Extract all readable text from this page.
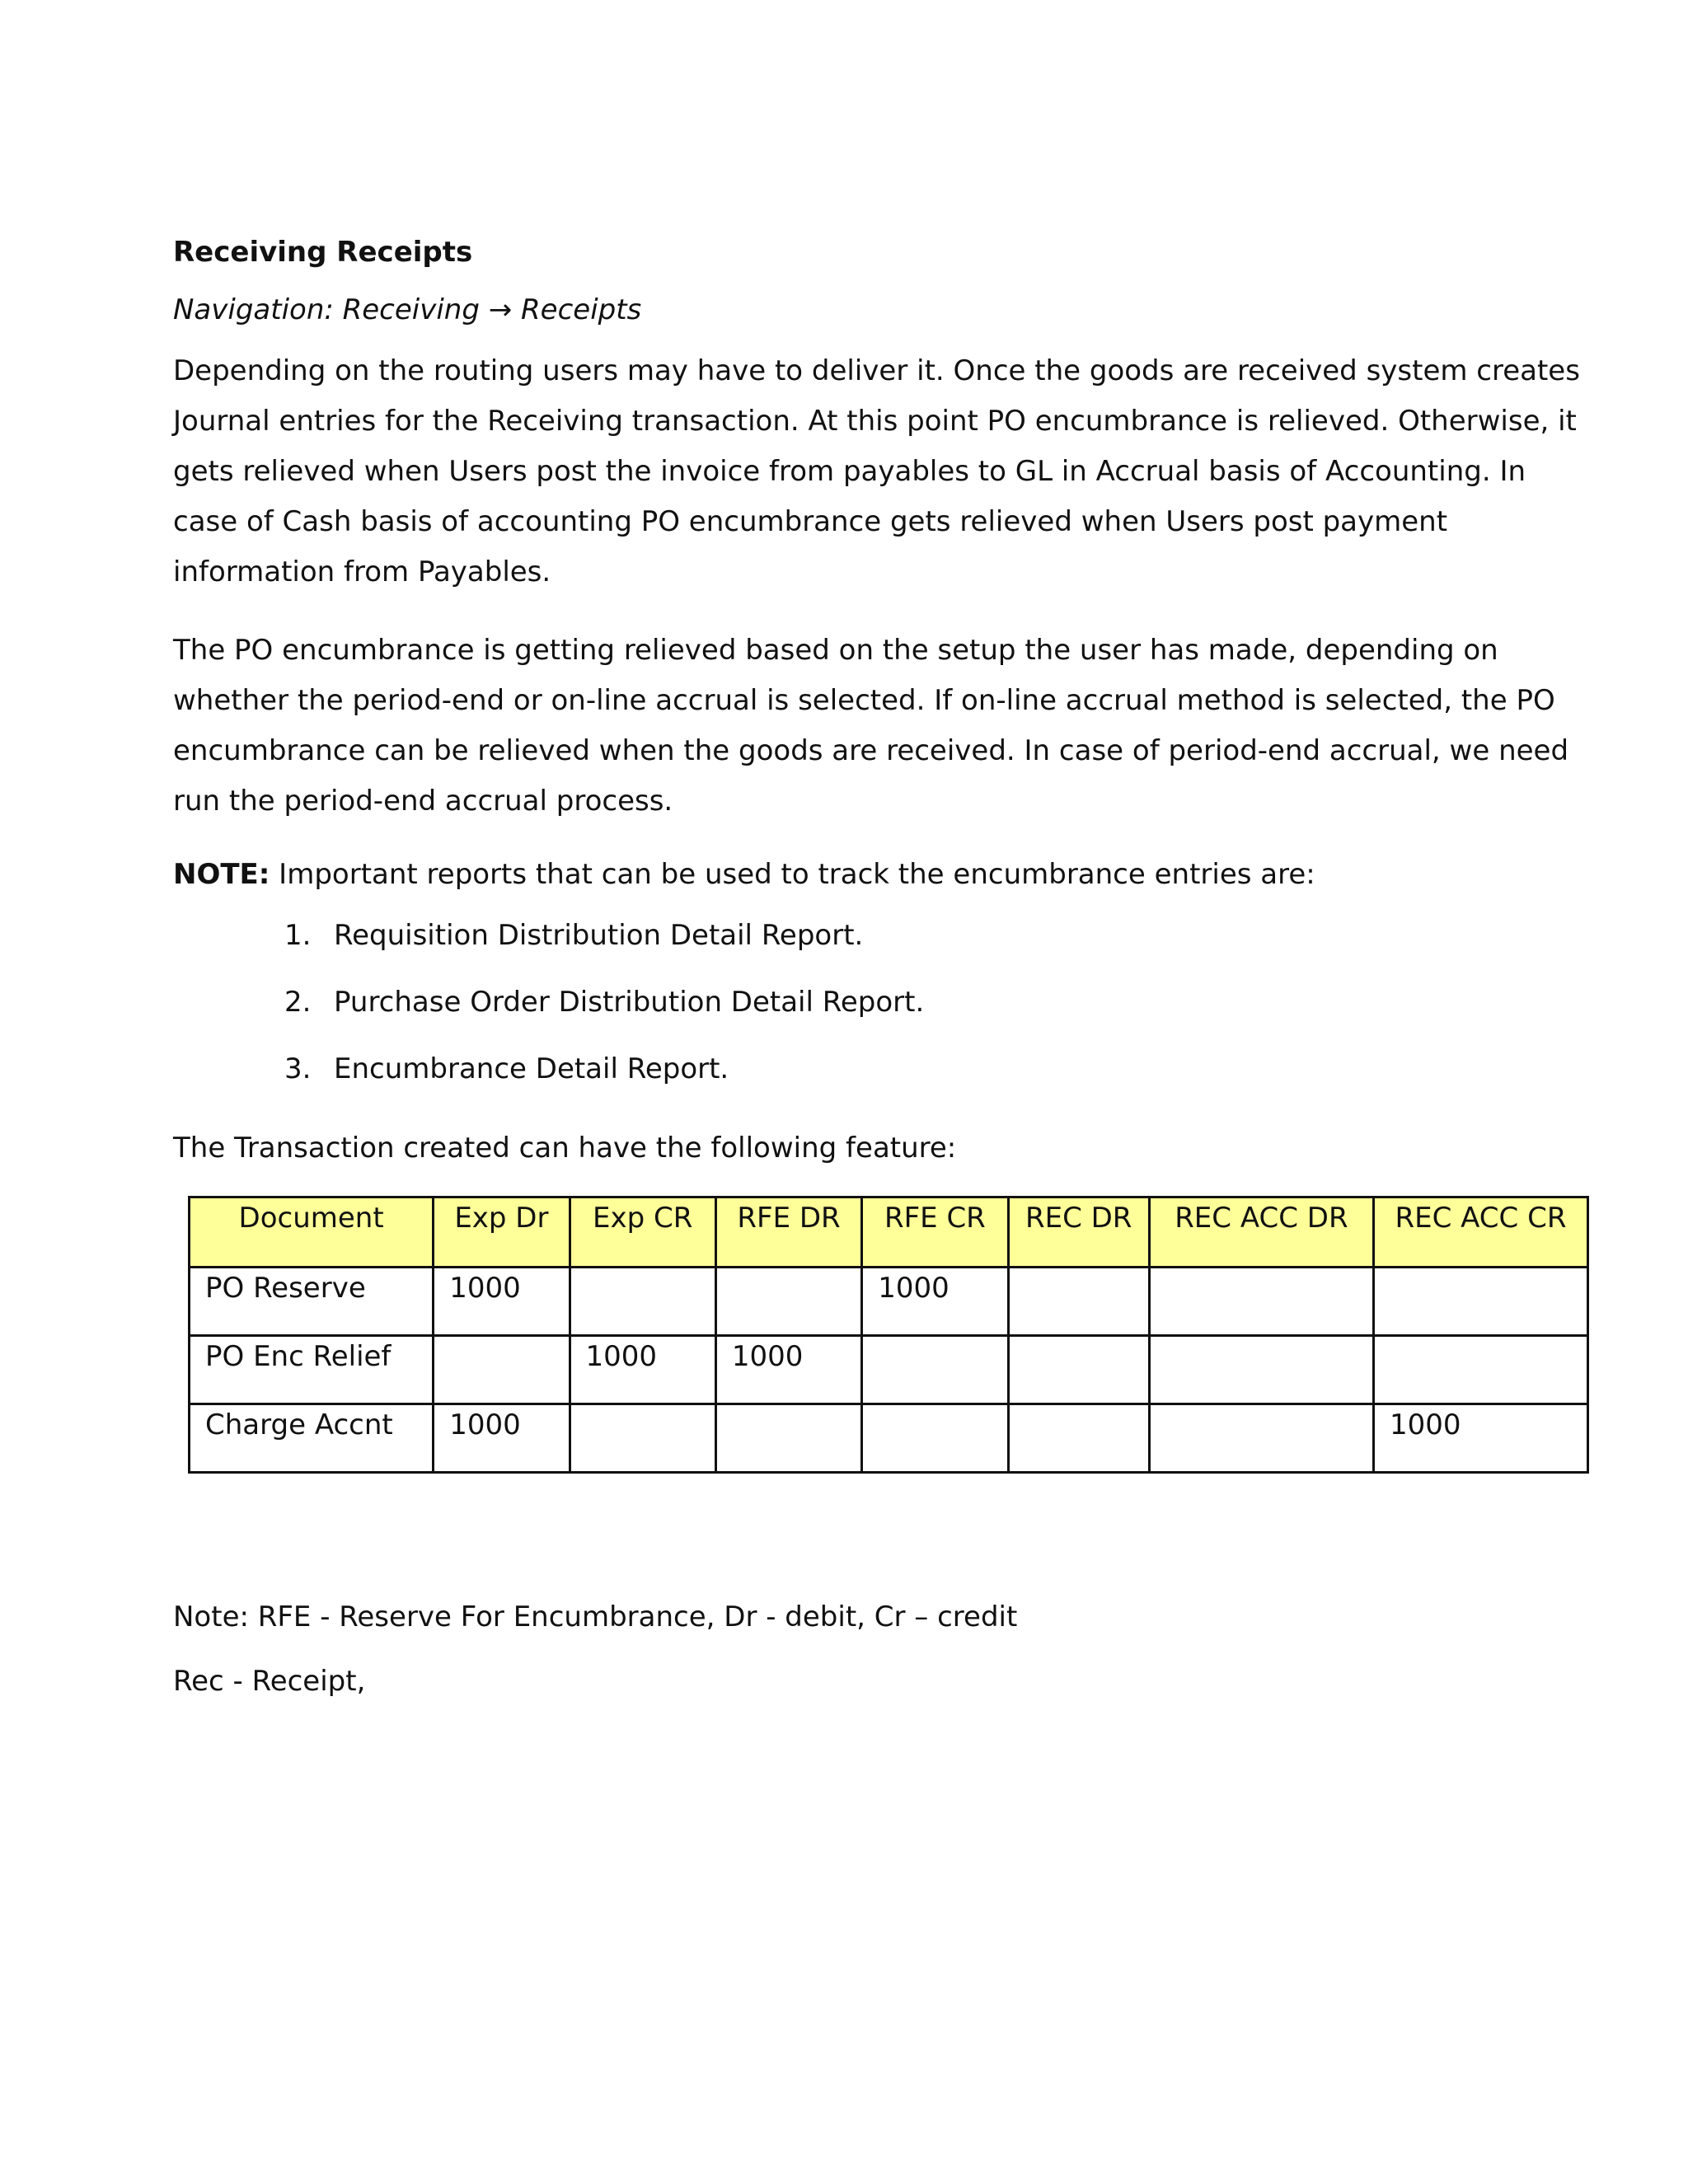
Receiving Receipts
Navigation: Receiving → Receipts

Depending on the routing users may have to deliver it. Once the goods are received system creates Journal entries for the Receiving transaction. At this point PO encumbrance is relieved. Otherwise, it gets relieved when Users post the invoice from payables to GL in Accrual basis of Accounting. In case of Cash basis of accounting PO encumbrance gets relieved when Users post payment information from Payables.

The PO encumbrance is getting relieved based on the setup the user has made, depending on whether the period-end or on-line accrual is selected. If on-line accrual method is selected, the PO encumbrance can be relieved when the goods are received. In case of period-end accrual, we need run the period-end accrual process.

NOTE: Important reports that can be used to track the encumbrance entries are:
1. Requisition Distribution Detail Report.
2. Purchase Order Distribution Detail Report.
3. Encumbrance Detail Report.
The Transaction created can have the following feature:
Document	Exp Dr	Exp CR	RFE DR	RFE CR	REC DR	REC ACC DR	REC ACC CR
PO Reserve	1000			1000			
PO Enc Relief		1000	1000				
Charge Accnt	1000						1000
Note: RFE - Reserve For Encumbrance, Dr - debit, Cr – credit
Rec - Receipt,
